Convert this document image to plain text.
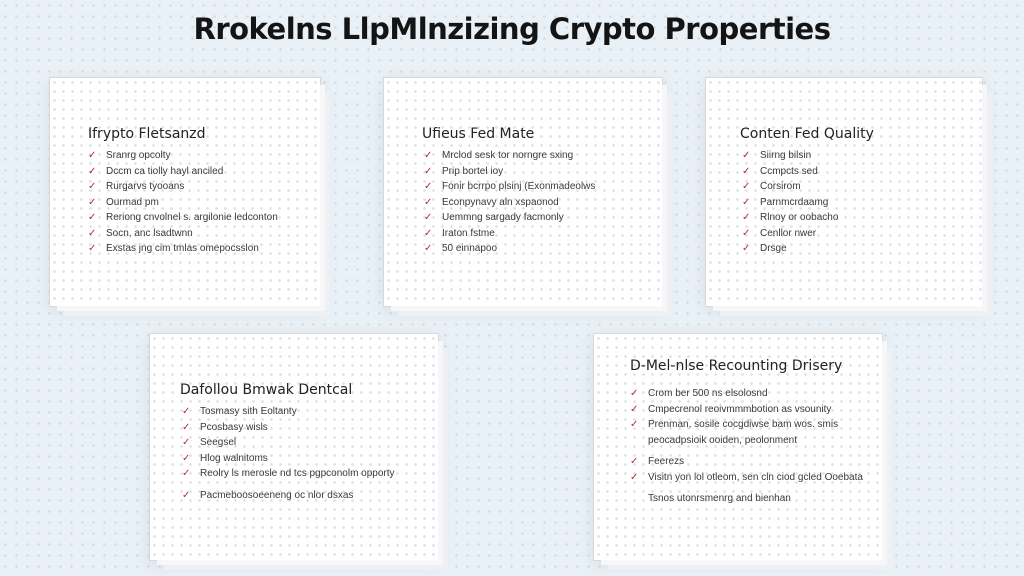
Rrokelns LlpMlnzizing Crypto Properties
Ifrypto Fletsanzd
✓ Sranrg opcolty
✓ Dccm ca tiolly hayl anciled
✓ Rurgarvs tyooans
✓ Ourmad pm
✓ Reriong cnvolnel s. argilonie ledconton
✓ Socn, anc lsadtwnn
✓ Exstas jng cim tmlas omepocsslon
Ufieus Fed Mate
✓ Mrclod sesk tor norngre sxing
✓ Prip bortel ioy
✓ Fonir bcrrpo plsinj (Exonmadeolws
✓ Econpynavy aln xspaonod
✓ Uemmng sargady facmonly
✓ Iraton fstme
✓ 50 einnapoo
Conten Fed Quality
✓ Siirng bilsin
✓ Ccmpcts sed
✓ Corsirom
✓ Parnmcrdaamg
✓ Rlnoy or oobacho
✓ Cenllor nwer
✓ Drsge
Dafollou Bmwak Dentcal
✓ Tosmasy sith Eoltanty
✓ Pcosbasy wisls
✓ Seegsel
✓ Hlog walnitoms
✓ Reolry ls merosle nd tcs pgpconolm opporty
✓ Pacmeboosoeeneng oc nlor dsxas
D-Mel-nlse Recounting Drisery
✓ Crom ber 500 ns elsolosnd
✓ Cmpecrenol reoivmmmbotion as vsounity
✓ Prenman, sosile cocgdiwse bam wos. smis peocadpsioik ooiden, peolonment
✓ Feerezs
✓ Visitn yon lol otleom, sen cln ciod gcled Ooebata
Tsnos utonrsmenrg and bienhan
